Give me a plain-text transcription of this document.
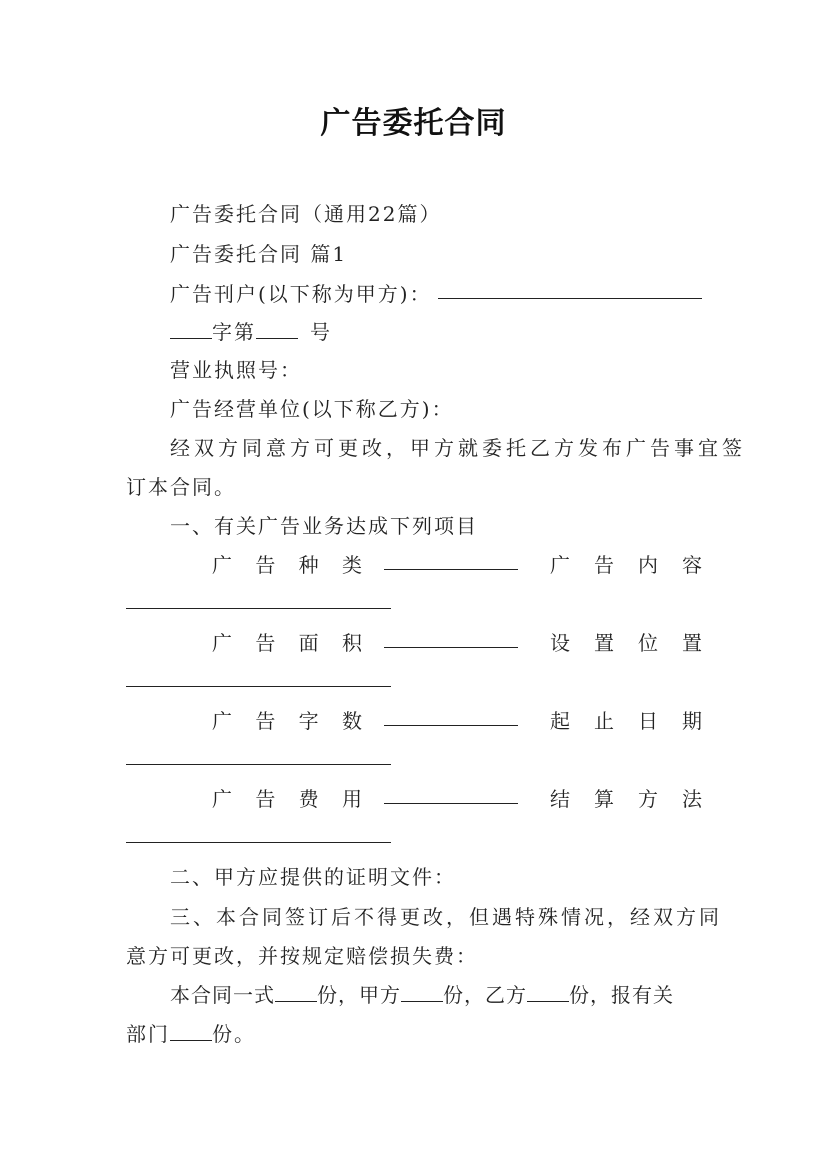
广告委托合同
广告委托合同（通用22篇）
广告委托合同 篇1
广告刊户(以下称为甲方)：
字第	号
营业执照号：
广告经营单位(以下称乙方)：
经双方同意方可更改，甲方就委托乙方发布广告事宜签
订本合同。
一、有关广告业务达成下列项目
广 告 种 类	广 告 内 容
广 告 面 积	设 置 位 置
广 告 字 数	起 止 日 期
广 告 费 用	结 算 方 法
二、甲方应提供的证明文件：
三、本合同签订后不得更改，但遇特殊情况，经双方同
意方可更改，并按规定赔偿损失费：
本合同一式 份，甲方 份，乙方 份，报有关
部门 份。
